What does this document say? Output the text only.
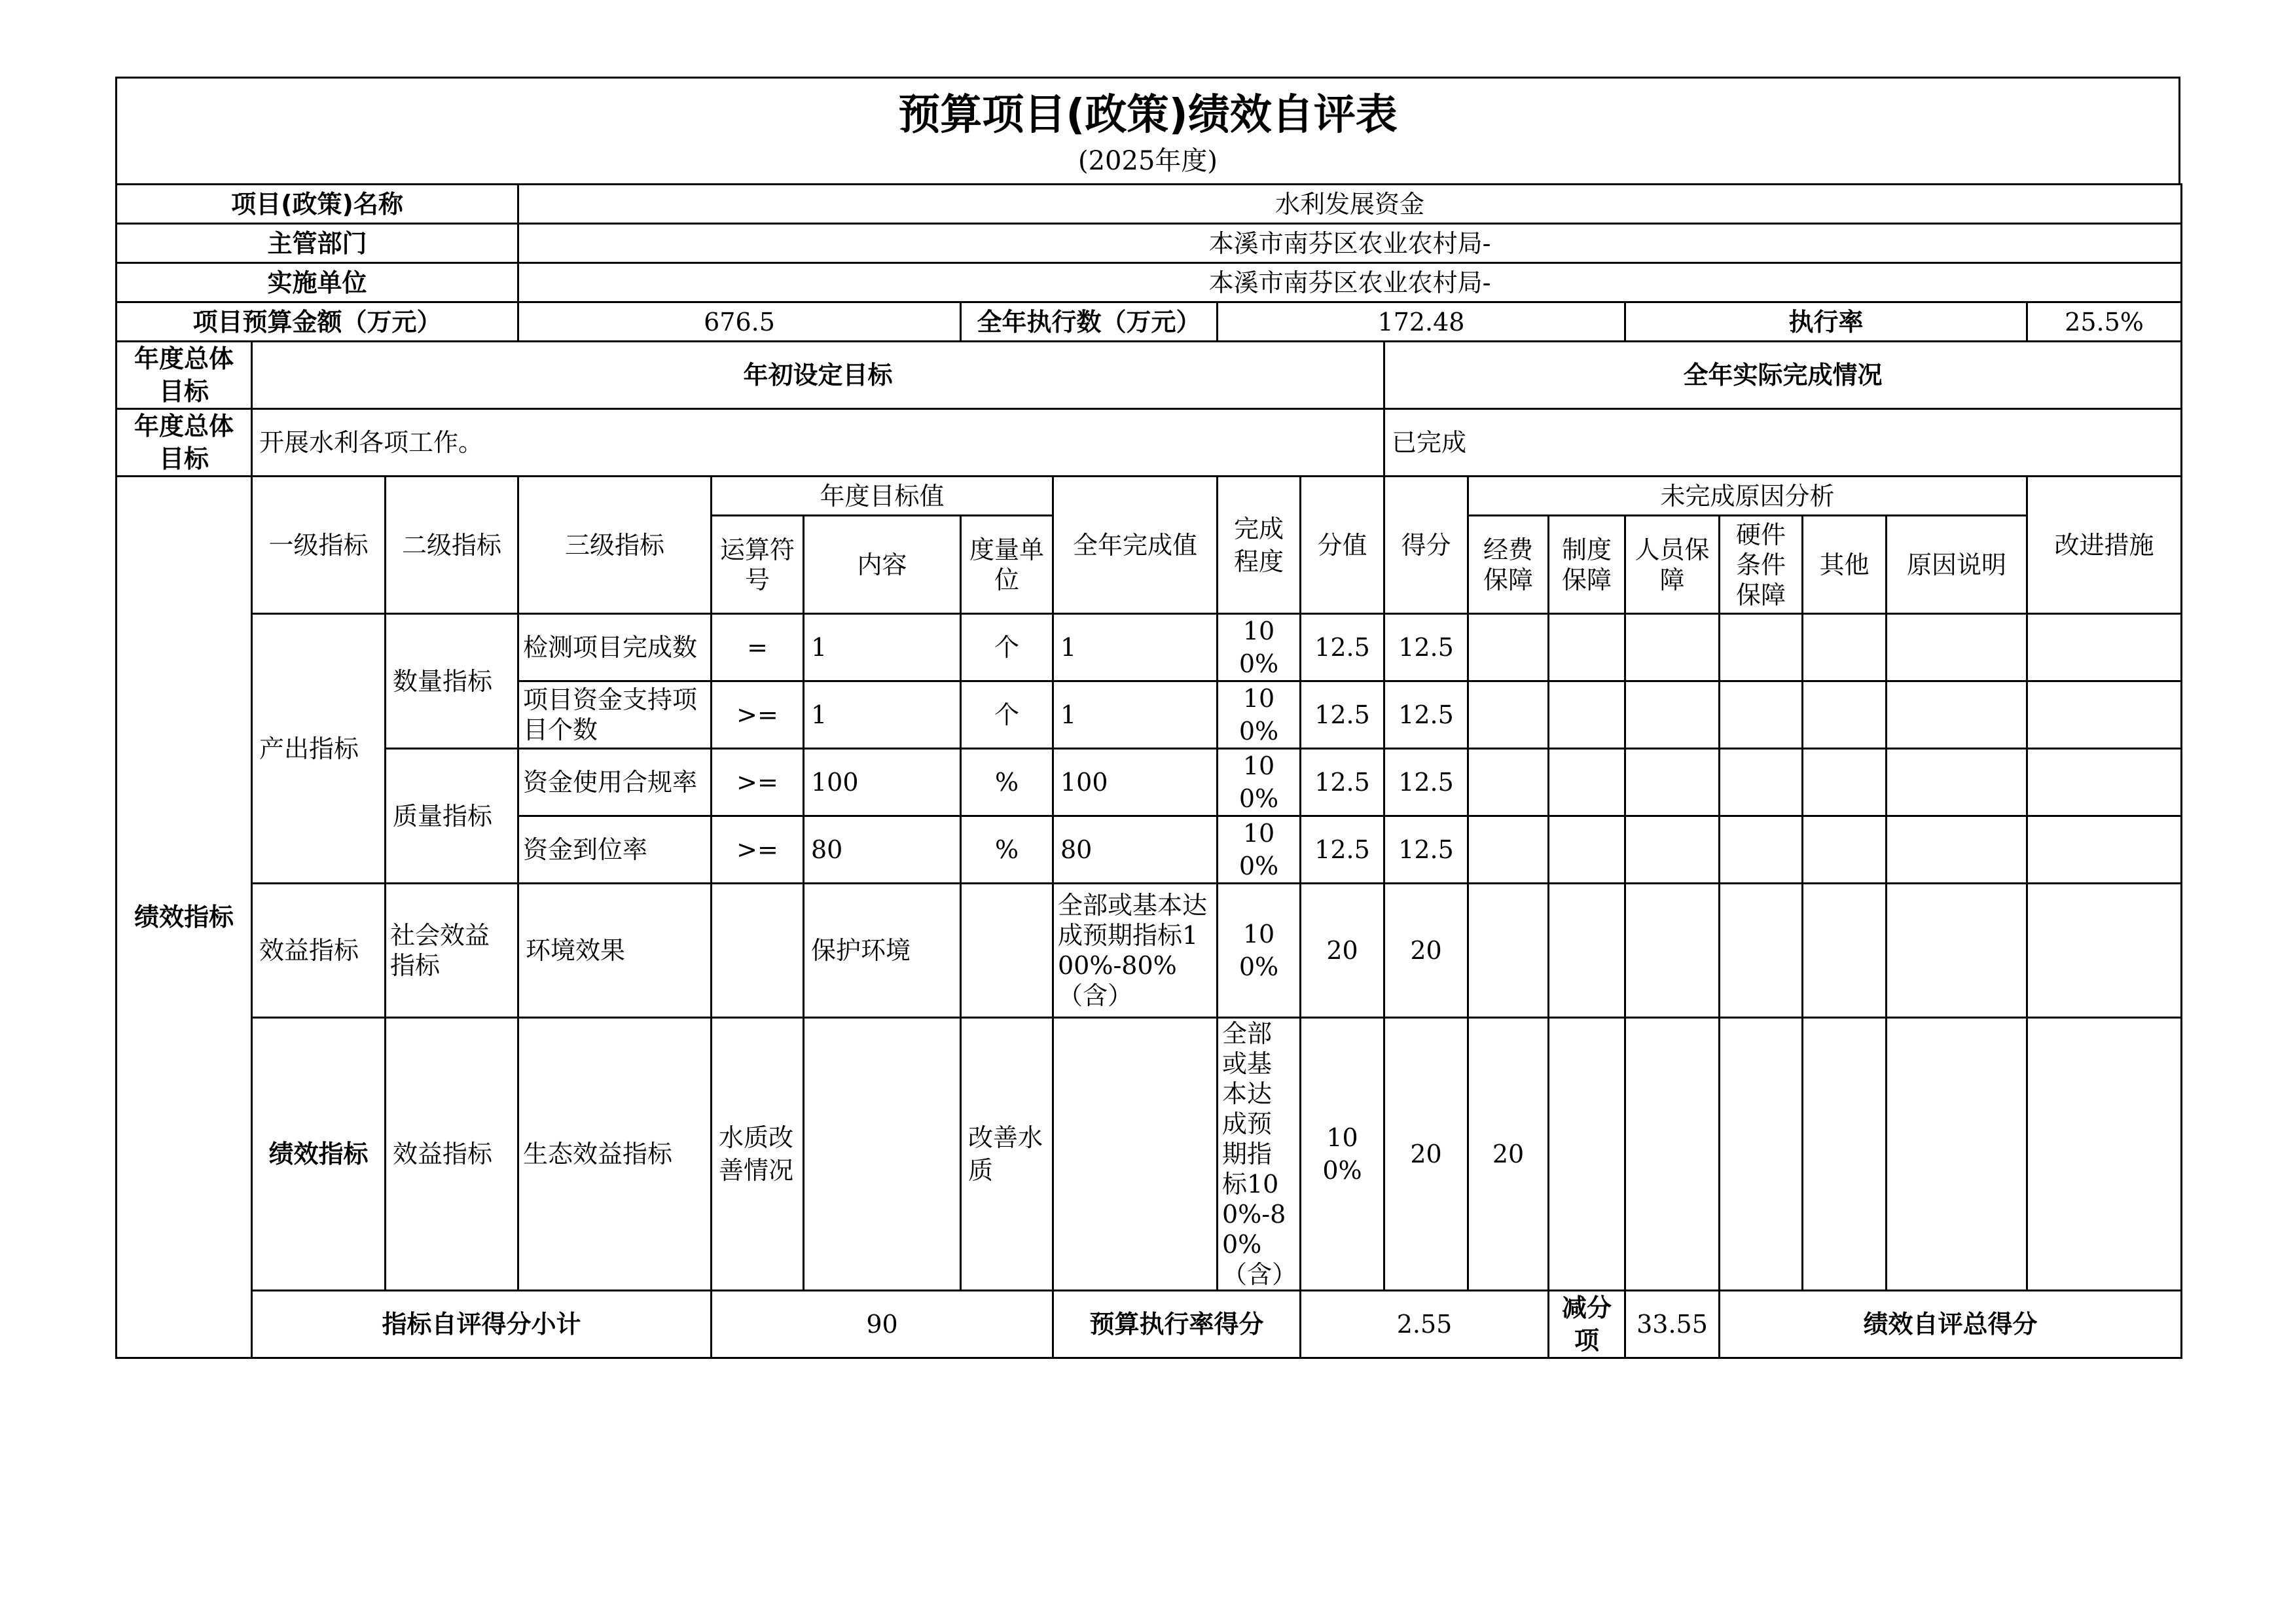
预算项目(政策)绩效自评表
(2025年度)
项目(政策)名称			水利发展资金															
主管部门			本溪市南芬区农业农村局-															
实施单位			本溪市南芬区农业农村局-															
项目预算金额（万元）			676.5			全年执行数（万元）		172.48					执行率				25.5%	
年度总体目标	年初设定目标									全年实际完成情况								
年度总体目标	开展水利各项工作。									已完成								
绩效指标	一级指标	二级指标	三级指标	年度目标值			全年完成值	完成程度	分值	得分	未完成原因分析						改进措施	
				运算符号	内容	度量单位					经费保障	制度保障	人员保障	硬件条件保障	其他	原因说明		
	产出指标	数量指标	检测项目完成数	=	1	个	1	100%	12.5	12.5								
			项目资金支持项目个数	>=	1	个	1	100%	12.5	12.5								
		质量指标	资金使用合规率	>=	100	%	100	100%	12.5	12.5								
			资金到位率	>=	80	%	80	100%	12.5	12.5								
	效益指标	社会效益指标	环境效果		保护环境		全部或基本达成预期指标100%-80%（含）	100%	20	20								
	绩效指标	效益指标	生态效益指标	水质改善情况		改善水质		全部或基本达成预期指标100%-80%（含）	100%	20	20							
	指标自评得分小计			90			预算执行率得分		2.55			减分项	33.55	绩效自评总得分	
